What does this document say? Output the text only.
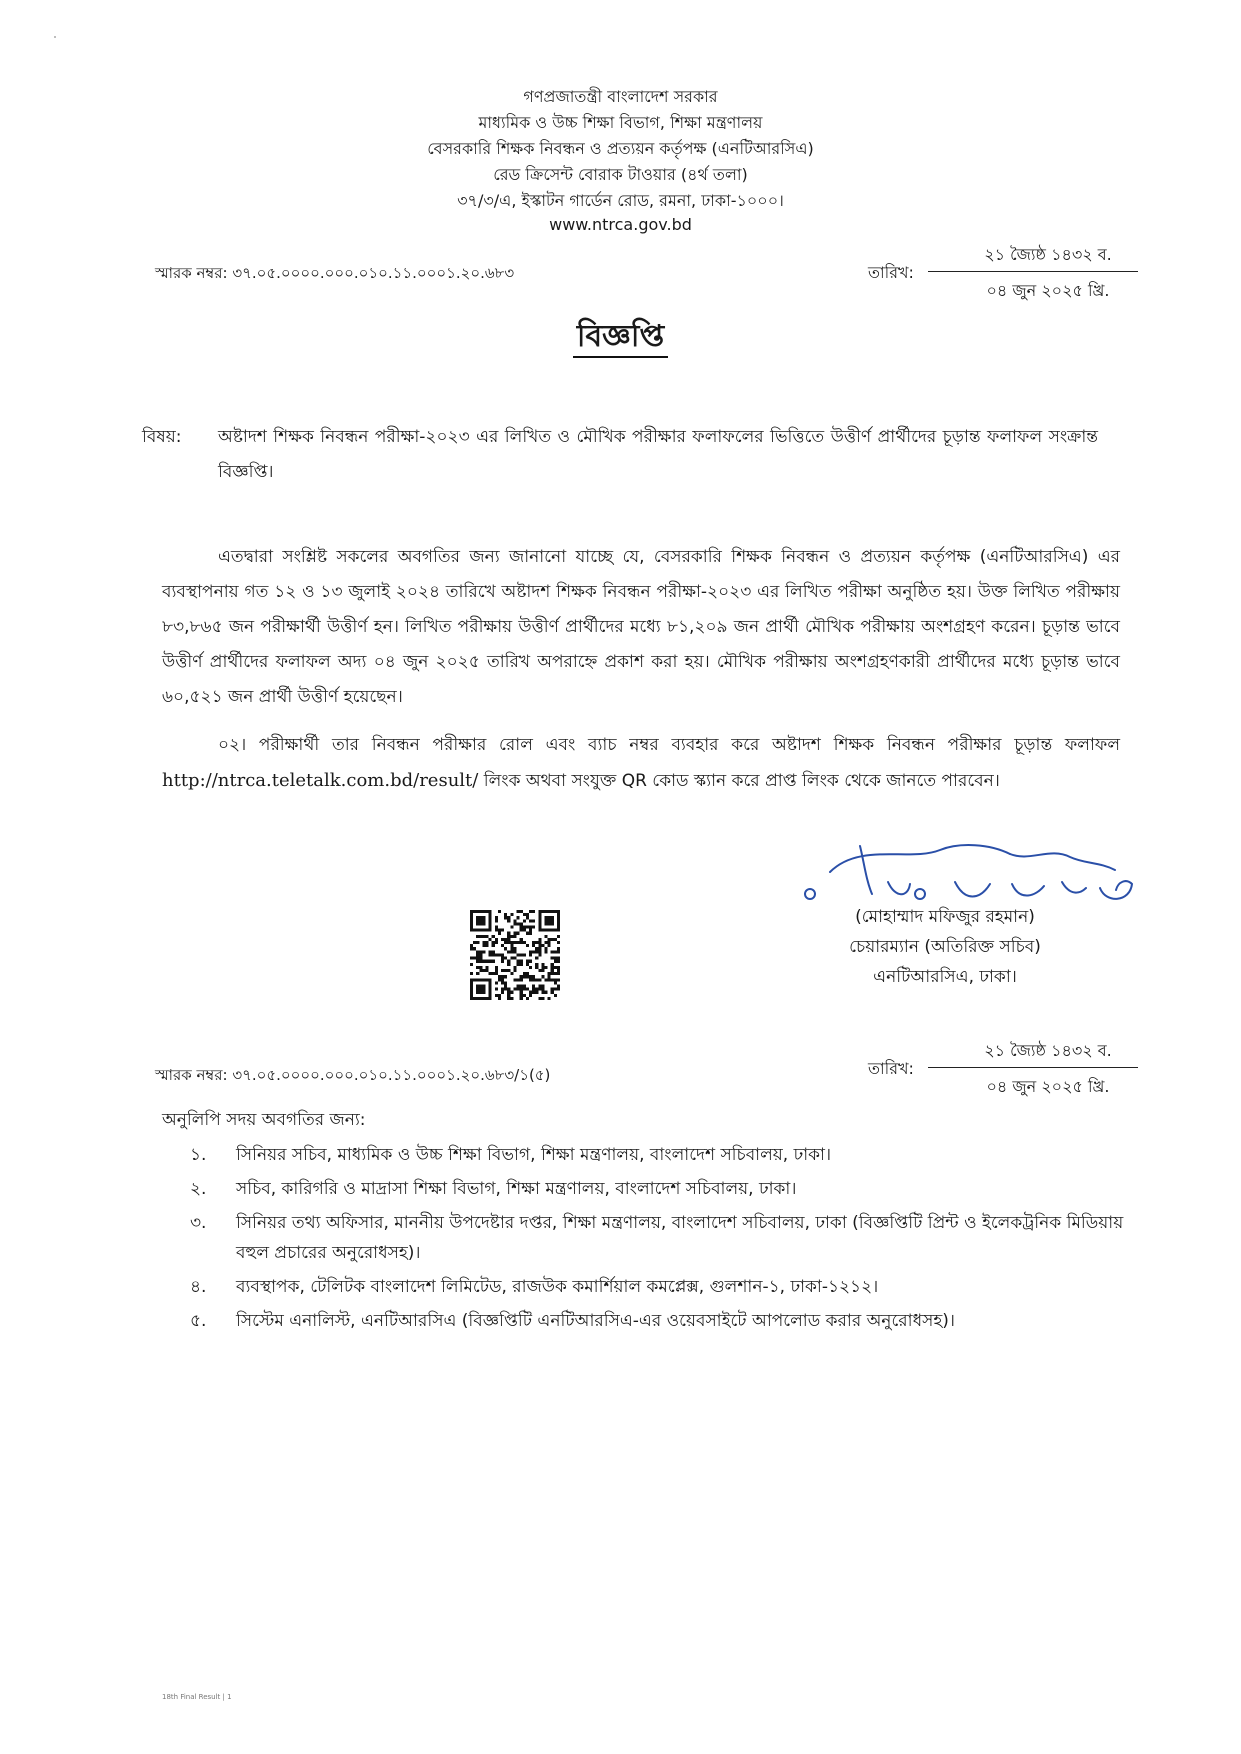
গণপ্রজাতন্ত্রী বাংলাদেশ সরকার
মাধ্যমিক ও উচ্চ শিক্ষা বিভাগ, শিক্ষা মন্ত্রণালয়
বেসরকারি শিক্ষক নিবন্ধন ও প্রত্যয়ন কর্তৃপক্ষ (এনটিআরসিএ)
রেড ক্রিসেন্ট বোরাক টাওয়ার (৪র্থ তলা)
৩৭/৩/এ, ইস্কাটন গার্ডেন রোড, রমনা, ঢাকা-১০০০।
www.ntrca.gov.bd
স্মারক নম্বর: ৩৭.০৫.০০০০.০০০.০১০.১১.০০০১.২০.৬৮৩	তারিখ:
২১ জ্যৈষ্ঠ ১৪৩২ ব.
০৪ জুন ২০২৫ খ্রি.
বিজ্ঞপ্তি
বিষয়: অষ্টাদশ শিক্ষক নিবন্ধন পরীক্ষা-২০২৩ এর লিখিত ও মৌখিক পরীক্ষার ফলাফলের ভিত্তিতে উত্তীর্ণ প্রার্থীদের চূড়ান্ত ফলাফল সংক্রান্ত বিজ্ঞপ্তি।
এতদ্বারা সংশ্লিষ্ট সকলের অবগতির জন্য জানানো যাচ্ছে যে, বেসরকারি শিক্ষক নিবন্ধন ও প্রত্যয়ন কর্তৃপক্ষ (এনটিআরসিএ) এর ব্যবস্থাপনায় গত ১২ ও ১৩ জুলাই ২০২৪ তারিখে অষ্টাদশ শিক্ষক নিবন্ধন পরীক্ষা-২০২৩ এর লিখিত পরীক্ষা অনুষ্ঠিত হয়। উক্ত লিখিত পরীক্ষায় ৮৩,৮৬৫ জন পরীক্ষার্থী উত্তীর্ণ হন। লিখিত পরীক্ষায় উত্তীর্ণ প্রার্থীদের মধ্যে ৮১,২০৯ জন প্রার্থী মৌখিক পরীক্ষায় অংশগ্রহণ করেন। চূড়ান্ত ভাবে উত্তীর্ণ প্রার্থীদের ফলাফল অদ্য ০৪ জুন ২০২৫ তারিখ অপরাহ্নে প্রকাশ করা হয়। মৌখিক পরীক্ষায় অংশগ্রহণকারী প্রার্থীদের মধ্যে চূড়ান্ত ভাবে ৬০,৫২১ জন প্রার্থী উত্তীর্ণ হয়েছেন।
০২। পরীক্ষার্থী তার নিবন্ধন পরীক্ষার রোল এবং ব্যাচ নম্বর ব্যবহার করে অষ্টাদশ শিক্ষক নিবন্ধন পরীক্ষার চূড়ান্ত ফলাফল http://ntrca.teletalk.com.bd/result/ লিংক অথবা সংযুক্ত QR কোড স্ক্যান করে প্রাপ্ত লিংক থেকে জানতে পারবেন।
(মোহাম্মাদ মফিজুর রহমান)
চেয়ারম্যান (অতিরিক্ত সচিব)
এনটিআরসিএ, ঢাকা।
স্মারক নম্বর: ৩৭.০৫.০০০০.০০০.০১০.১১.০০০১.২০.৬৮৩/১(৫)	তারিখ:
২১ জ্যৈষ্ঠ ১৪৩২ ব.
০৪ জুন ২০২৫ খ্রি.
অনুলিপি সদয় অবগতির জন্য:
১.	সিনিয়র সচিব, মাধ্যমিক ও উচ্চ শিক্ষা বিভাগ, শিক্ষা মন্ত্রণালয়, বাংলাদেশ সচিবালয়, ঢাকা।
২.	সচিব, কারিগরি ও মাদ্রাসা শিক্ষা বিভাগ, শিক্ষা মন্ত্রণালয়, বাংলাদেশ সচিবালয়, ঢাকা।
৩.	সিনিয়র তথ্য অফিসার, মাননীয় উপদেষ্টার দপ্তর, শিক্ষা মন্ত্রণালয়, বাংলাদেশ সচিবালয়, ঢাকা (বিজ্ঞপ্তিটি প্রিন্ট ও ইলেকট্রনিক মিডিয়ায় বহুল প্রচারের অনুরোধসহ)।
৪.	ব্যবস্থাপক, টেলিটক বাংলাদেশ লিমিটেড, রাজউক কমার্শিয়াল কমপ্লেক্স, গুলশান-১, ঢাকা-১২১২।
৫.	সিস্টেম এনালিস্ট, এনটিআরসিএ (বিজ্ঞপ্তিটি এনটিআরসিএ-এর ওয়েবসাইটে আপলোড করার অনুরোধসহ)।
18th Final Result | 1
